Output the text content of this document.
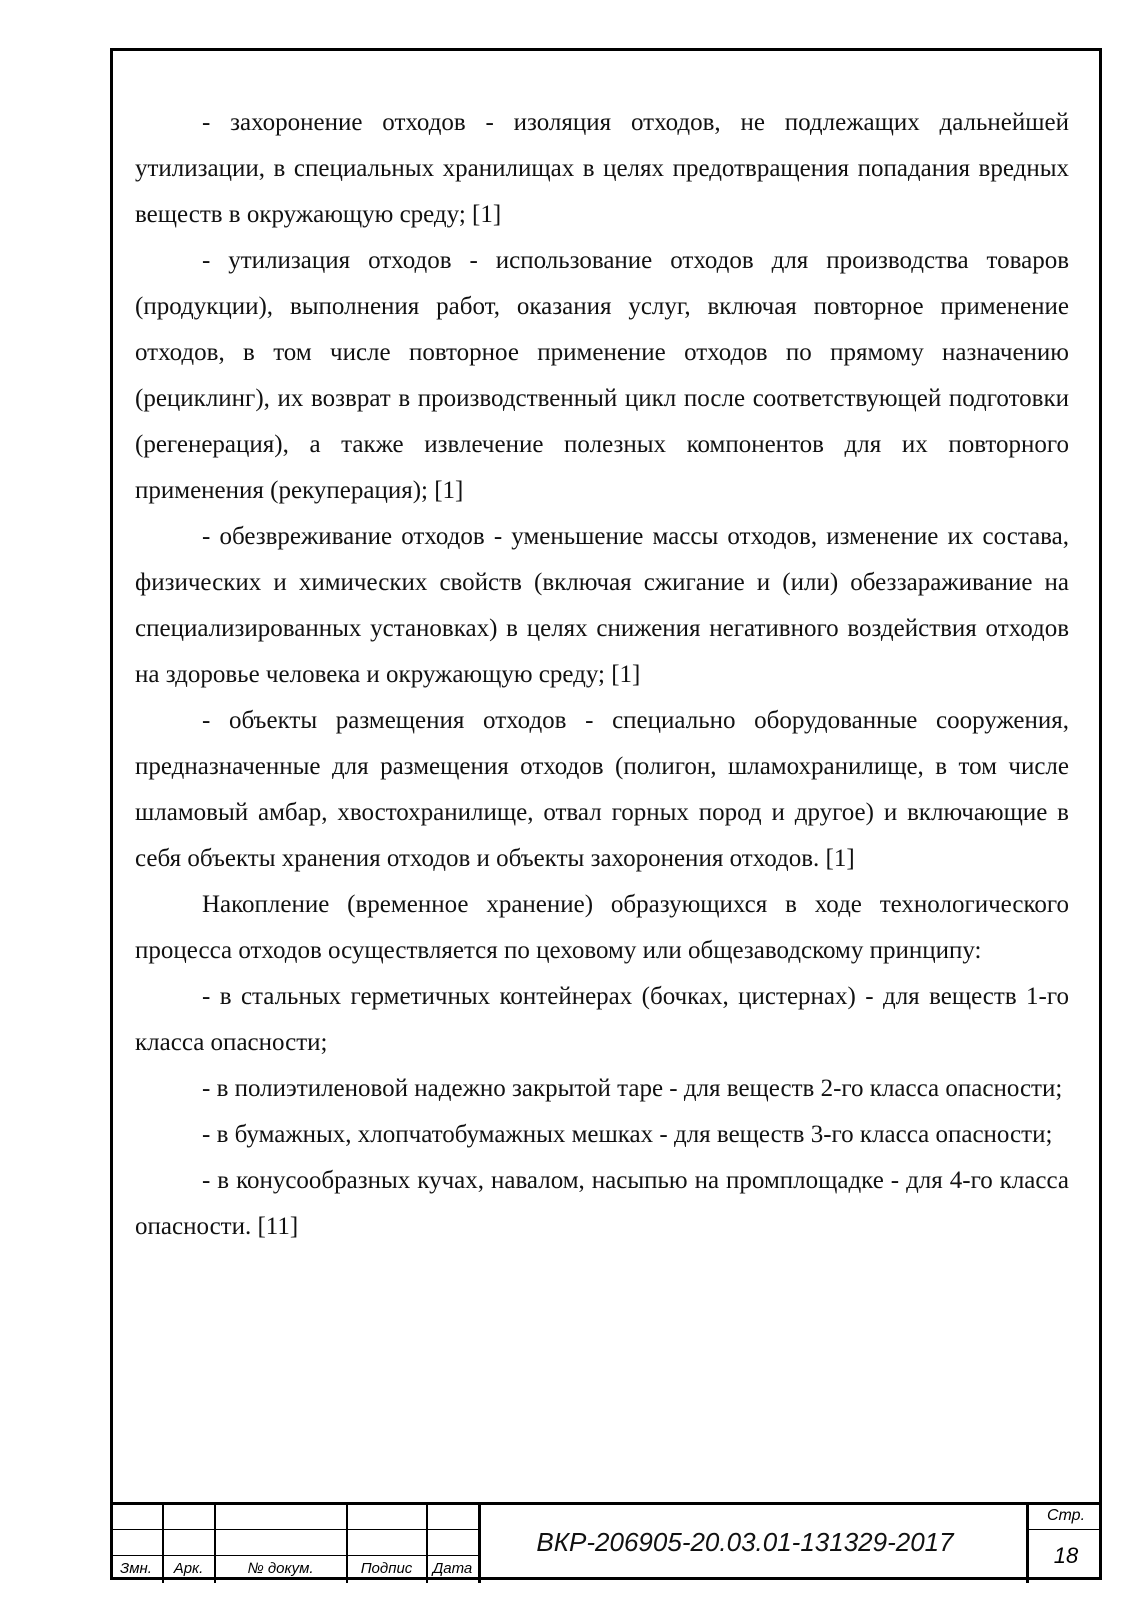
- захоронение отходов - изоляция отходов, не подлежащих дальнейшей утилизации, в специальных хранилищах в целях предотвращения попадания вредных веществ в окружающую среду; [1]

- утилизация отходов - использование отходов для производства товаров (продукции), выполнения работ, оказания услуг, включая повторное применение отходов, в том числе повторное применение отходов по прямому назначению (рециклинг), их возврат в производственный цикл после соответствующей подготовки (регенерация), а также извлечение полезных компонентов для их повторного применения (рекуперация); [1]

- обезвреживание отходов - уменьшение массы отходов, изменение их состава, физических и химических свойств (включая сжигание и (или) обеззараживание на специализированных установках) в целях снижения негативного воздействия отходов на здоровье человека и окружающую среду; [1]

- объекты размещения отходов - специально оборудованные сооружения, предназначенные для размещения отходов (полигон, шламохранилище, в том числе шламовый амбар, хвостохранилище, отвал горных пород и другое) и включающие в себя объекты хранения отходов и объекты захоронения отходов. [1]

Накопление (временное хранение) образующихся в ходе технологического процесса отходов осуществляется по цеховому или общезаводскому принципу:

- в стальных герметичных контейнерах (бочках, цистернах) - для веществ 1-го класса опасности;

- в полиэтиленовой надежно закрытой таре - для веществ 2-го класса опасности;

- в бумажных, хлопчатобумажных мешках - для веществ 3-го класса опасности;

- в конусообразных кучах, навалом, насыпью на промплощадке - для 4-го класса опасности. [11]

Змн.	Арк.	№ докум.	Подпис	Дата
ВКР-206905-20.03.01-131329-2017
Стр.
18
